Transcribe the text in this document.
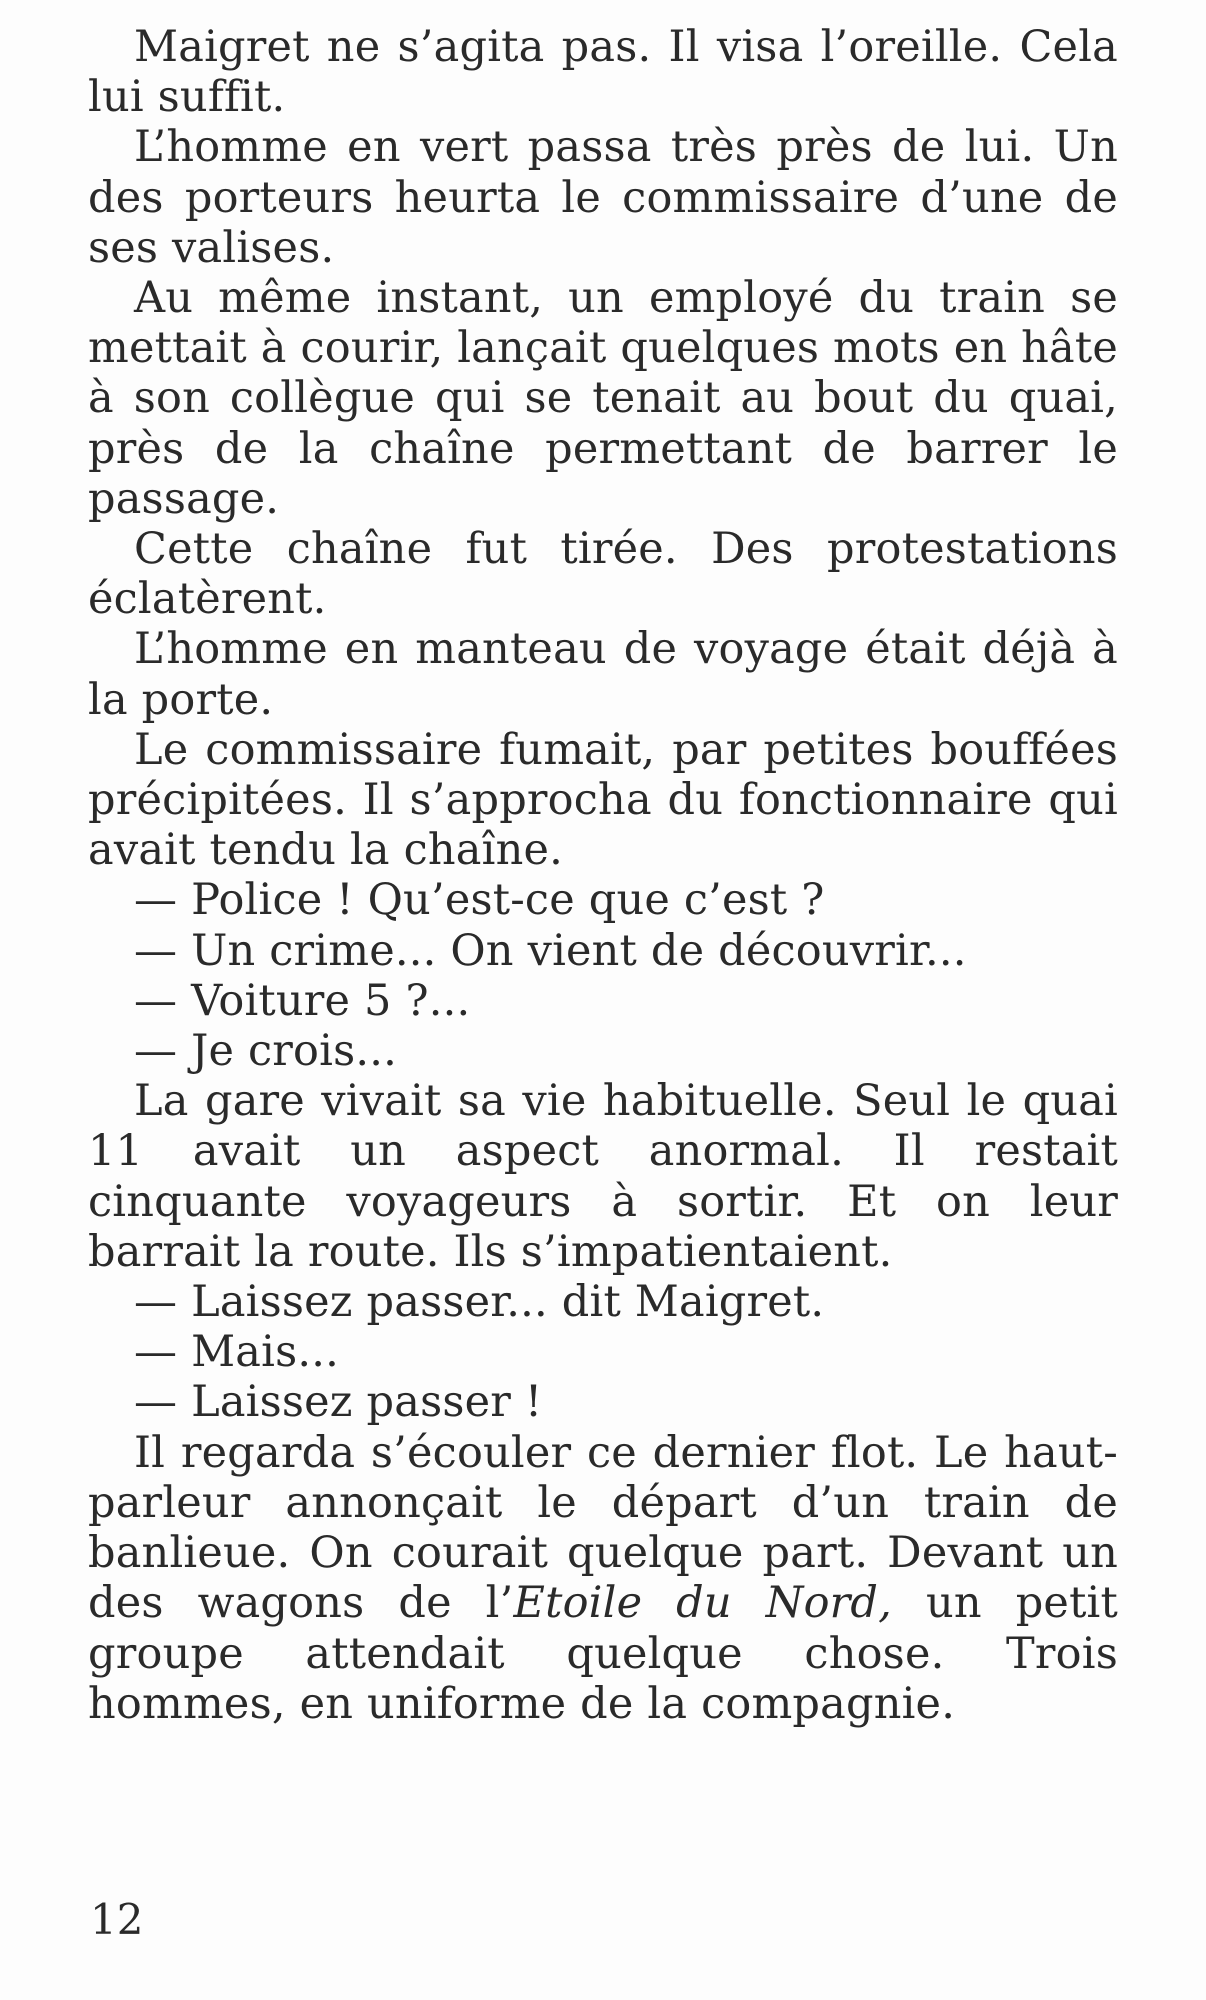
Maigret ne s’agita pas. Il visa l’oreille. Cela lui suffit.

L’homme en vert passa très près de lui. Un des porteurs heurta le commissaire d’une de ses valises.

Au même instant, un employé du train se mettait à courir, lançait quelques mots en hâte à son collègue qui se tenait au bout du quai, près de la chaîne permettant de barrer le passage.

Cette chaîne fut tirée. Des protestations éclatèrent.

L’homme en manteau de voyage était déjà à la porte.

Le commissaire fumait, par petites bouffées précipitées. Il s’approcha du fonctionnaire qui avait tendu la chaîne.

— Police ! Qu’est-ce que c’est ?

— Un crime... On vient de découvrir...

— Voiture 5 ?...

— Je crois...

La gare vivait sa vie habituelle. Seul le quai 11 avait un aspect anormal. Il restait cinquante voyageurs à sortir. Et on leur barrait la route. Ils s’impatientaient.

— Laissez passer... dit Maigret.

— Mais...

— Laissez passer !

Il regarda s’écouler ce dernier flot. Le haut-parleur annonçait le départ d’un train de banlieue. On courait quelque part. Devant un des wagons de l’Etoile du Nord, un petit groupe attendait quelque chose. Trois hommes, en uniforme de la compagnie.

12
